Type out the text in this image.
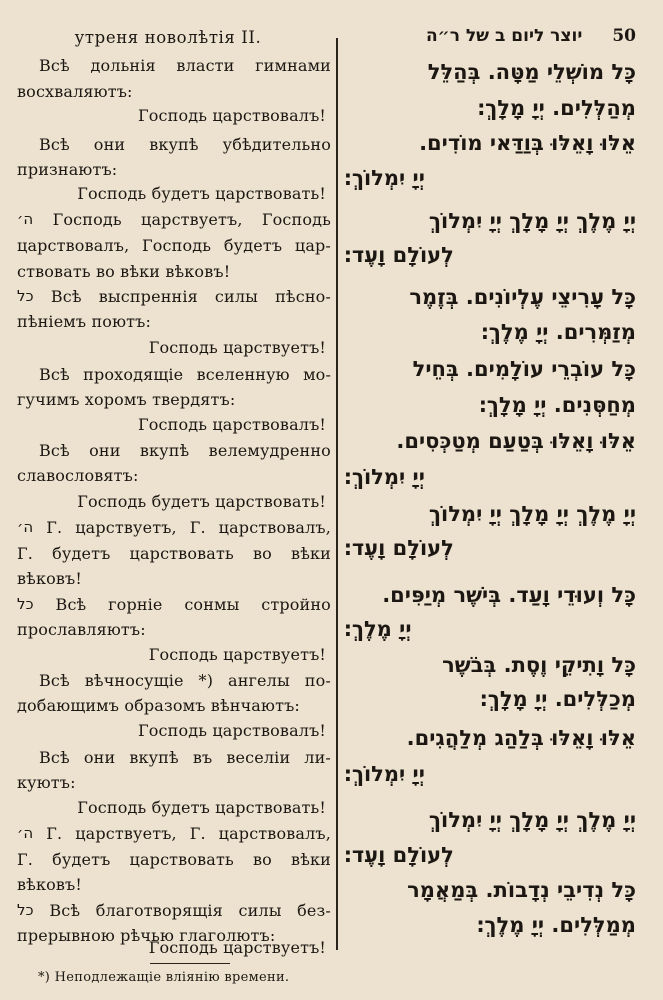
утреня новолѣтія II.
Всѣ дольнія власти гимнами
восхваляютъ:
Господь царствовалъ!
Всѣ они вкупѣ убѣдительно
признаютъ:
Господь будетъ царствовать!
ה׳ Господь царствуетъ, Господь
царствовалъ, Господь будетъ цар-
ствовать во вѣки вѣковъ!
כל Всѣ выспреннія силы пѣсно-
пѣніемъ поютъ:
Господь царствуетъ!
Всѣ проходящіе вселенную мо-
гучимъ хоромъ твердятъ:
Господь царствовалъ!
Всѣ они вкупѣ велемудренно
славословятъ:
Господь будетъ царствовать!
ה׳ Г. царствуетъ, Г. царствовалъ,
Г. будетъ царствовать во вѣки
вѣковъ!
כל Всѣ горніе сонмы стройно
прославляютъ:
Господь царствуетъ!
Всѣ вѣчносущіе *) ангелы по-
добающимъ образомъ вѣнчаютъ:
Господь царствовалъ!
Всѣ они вкупѣ въ веселіи ли-
куютъ:
Господь будетъ царствовать!
ה׳ Г. царствуетъ, Г. царствовалъ,
Г. будетъ царствовать во вѣки
вѣковъ!
כל Всѣ благотворящія силы без-
прерывною рѣчью глаголютъ:
Господь царствуетъ!
50יוצר ליום ב של ר״ה
כָּל מוֹשְׁלֵי מַטָּה. בְּהַלֵּל
מְהַלְּלִים. יְיָ מָלָךְ׃
אֵלּוּ וָאֵלּוּ בְּוַדַּאי מוֹדִים.
יְיָ יִמְלוֹךְ׃
יְיָ מֶלֶךְ יְיָ מָלָךְ יְיָ יִמְלוֹךְ
לְעוֹלָם וָעֶד׃
כָּל עָרִיצֵי עֶלְיוֹנִים. בְּזֶמֶר
מְזַמְּרִים. יְיָ מֶלֶךְ׃
כָּל עוֹבְרֵי עוֹלָמִים. בְּחֵיל
מְחַסְּנִים. יְיָ מָלָךְ׃
אֵלּוּ וָאֵלּוּ בְּטַעַם מְטַכְּסִים.
יְיָ יִמְלוֹךְ׃
יְיָ מֶלֶךְ יְיָ מָלָךְ יְיָ יִמְלוֹךְ
לְעוֹלָם וָעֶד׃
כָּל וְעוּדֵי וָעַד. בְּיֹשֶׁר מְיַפִּים.
יְיָ מֶלֶךְ׃
כָּל וָתִיקֵי וֶסֶת. בְּבֹשֶׁר
מְכַלְּלִים. יְיָ מָלָךְ׃
אֵלּוּ וָאֵלּוּ בְּלַהַג מְלַהֲגִים.
יְיָ יִמְלוֹךְ׃
יְיָ מֶלֶךְ יְיָ מָלָךְ יְיָ יִמְלוֹךְ
לְעוֹלָם וָעֶד׃
כָּל נְדִיבֵי נְדָבוֹת. בְּמַאֲמָר
מְמַלְּלִים. יְיָ מֶלֶךְ׃
*) Неподлежащіе вліянію времени.
